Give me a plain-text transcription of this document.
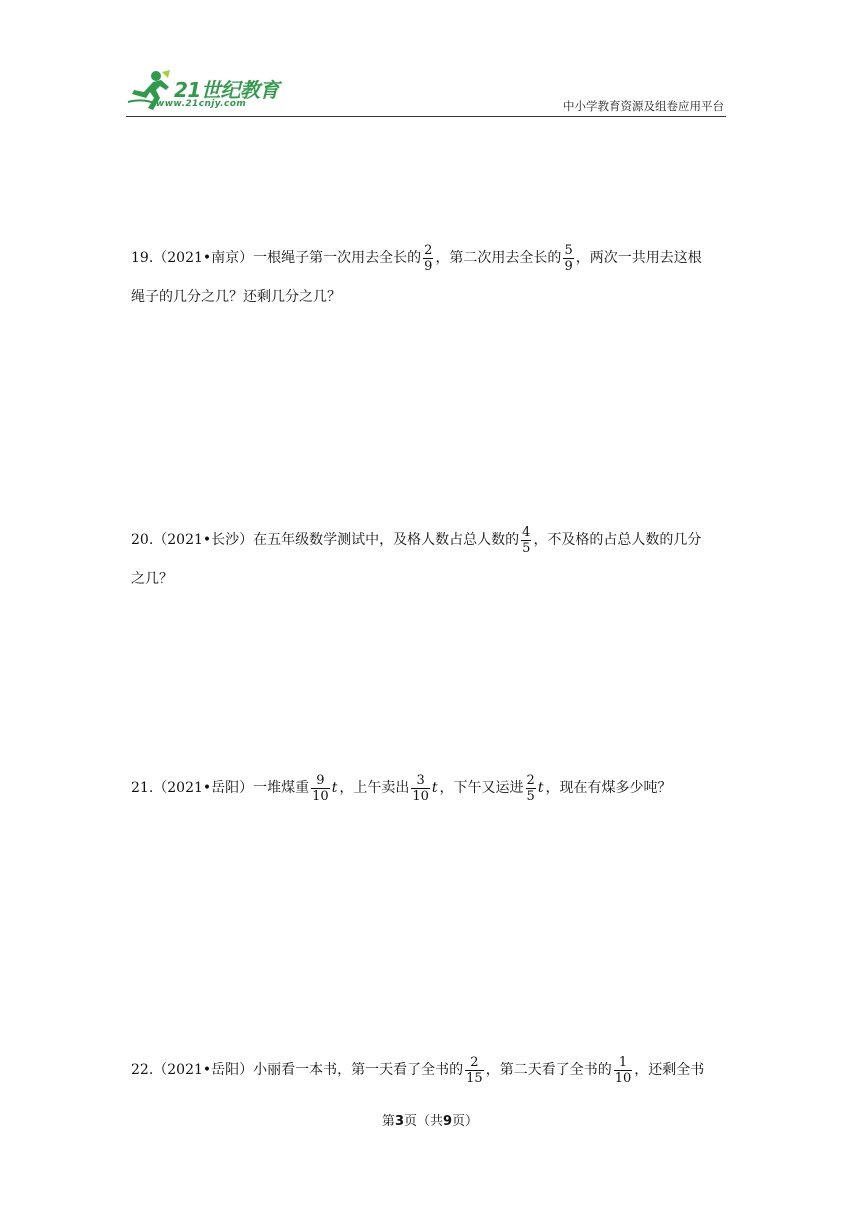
21世纪教育
www.21cnjy.com	中小学教育资源及组卷应用平台
19.（2021•南京）一根绳子第一次用去全长的 $\frac{2}{9}$ ，第二次用去全长的 $\frac{5}{9}$ ，两次一共用去这根
绳子的几分之几？还剩几分之几？
20.（2021•长沙）在五年级数学测试中，及格人数占总人数的 $\frac{4}{5}$ ，不及格的占总人数的几分
之几？
21.（2021•岳阳）一堆煤重 $\frac{9}{10}$ t ，上午卖出 $\frac{3}{10}$ t ，下午又运进 $\frac{2}{5}$ t ，现在有煤多少吨？
22.（2021•岳阳）小丽看一本书，第一天看了全书的 $\frac{2}{15}$ ，第二天看了全书的 $\frac{1}{10}$ ，还剩全书
第3页（共9页）
